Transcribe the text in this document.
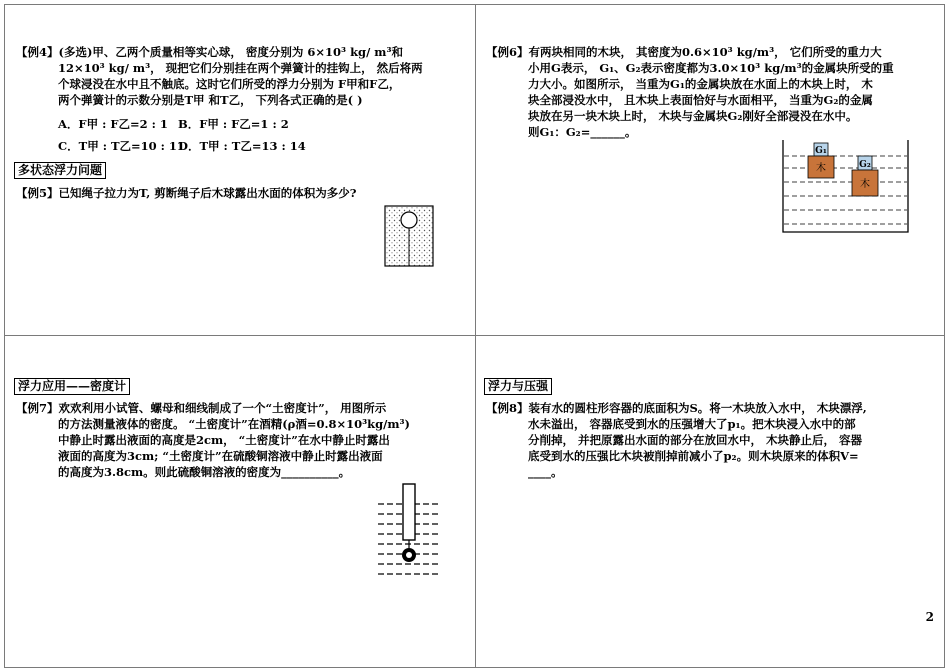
【例4】(多选)甲、乙两个质量相等实心球， 密度分别为 6×10³ kg/ m³和
12×10³ kg/ m³， 现把它们分别挂在两个弹簧计的挂钩上， 然后将两
个球浸没在水中且不触底。这时它们所受的浮力分别为 F甲和F乙，
两个弹簧计的示数分别是T甲 和T乙， 下列各式正确的是( )
A．F甲 : F乙=2 : 1 B．F甲 : F乙=1 : 2
C．T甲 : T乙=10 : 11
D．T甲 : T乙=13 : 14
多状态浮力问题
【例5】已知绳子拉力为T, 剪断绳子后木球露出水面的体积为多少?
【例6】有两块相同的木块， 其密度为0.6×10³ kg/m³， 它们所受的重力大
小用G表示， G₁、G₂表示密度都为3.0×10³ kg/m³的金属块所受的重
力大小。如图所示， 当重为G₁的金属块放在水面上的木块上时， 木
块全部浸没水中， 且木块上表面恰好与水面相平， 当重为G₂的金属
块放在另一块木块上时， 木块与金属块G₂刚好全部浸没在水中。
则G₁：G₂=______。
G₁
木	G₂
木
浮力应用——密度计
【例7】欢欢利用小试管、螺母和细线制成了一个“土密度计”， 用图所示
的方法测量液体的密度。 “土密度计”在酒精(ρ酒=0.8×10³kg/m³)
中静止时露出液面的高度是2cm， “土密度计”在水中静止时露出
液面的高度为3cm; “土密度计”在硫酸铜溶液中静止时露出液面
的高度为3.8cm。则此硫酸铜溶液的密度为__________。
浮力与压强
【例8】装有水的圆柱形容器的底面积为S。将一木块放入水中， 木块漂浮,
水未溢出， 容器底受到水的压强增大了p₁。把木块浸入水中的部
分削掉， 并把原露出水面的部分在放回水中， 木块静止后， 容器
底受到水的压强比木块被削掉前减小了p₂。则木块原来的体积V=
____。
2
